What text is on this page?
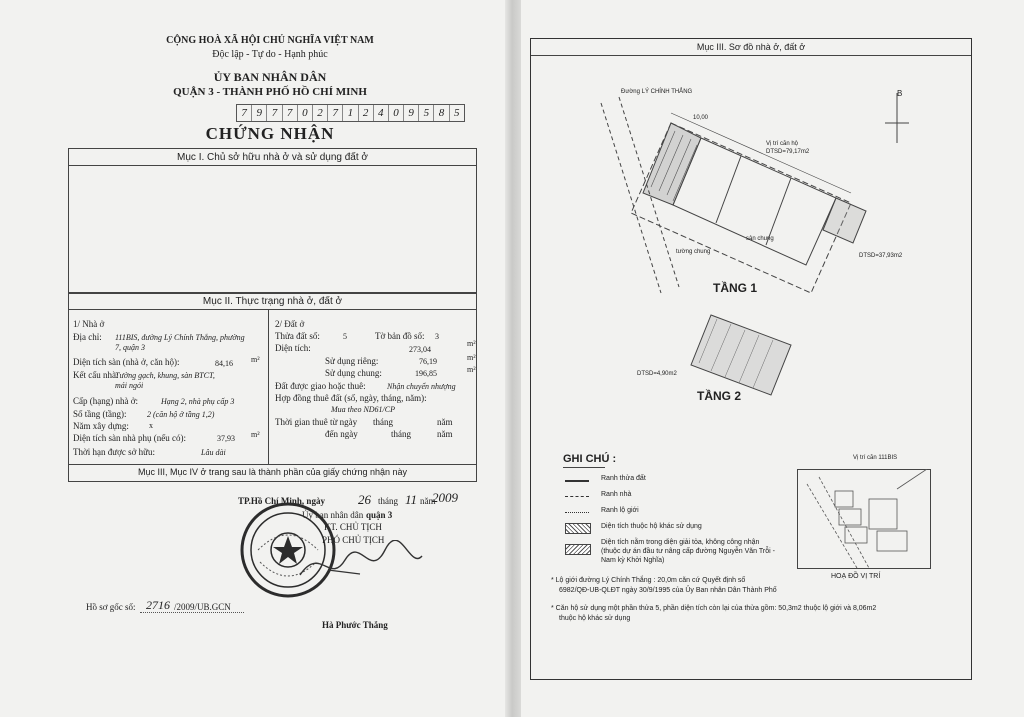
CỘNG HOÀ XÃ HỘI CHỦ NGHĨA VIỆT NAM
Độc lập - Tự do - Hạnh phúc
ỦY BAN NHÂN DÂN
QUẬN 3 - THÀNH PHỐ HỒ CHÍ MINH
7 9 7 7 0 2 7 1 2 4 0 9 5 8 5
CHỨNG NHẬN
Mục I. Chủ sở hữu nhà ở và sử dụng đất ở
Mục II. Thực trạng nhà ở, đất ở
Mục III, Mục IV ở trang sau là thành phần của giấy chứng nhận này
1/ Nhà ở
Địa chỉ: 111BIS, đường Lý Chính Thắng, phường
7, quận 3
Diện tích sàn (nhà ở, căn hộ):	84,16 m²
Kết cấu nhà:
Tường gạch, khung, sàn BTCT,
mái ngói
Cấp (hạng) nhà ở:	Hạng 2, nhà phụ cấp 3
Số tầng (tầng):	2 (căn hộ ở tầng 1,2)
Năm xây dựng:	x
Diện tích sàn nhà phụ (nếu có):	37,93 m²
Thời hạn được sở hữu:	Lâu dài
2/ Đất ở
Thửa đất số:	5	Tờ bản đồ số: 3
Diện tích:	273,04
m²
Sử dụng riêng:	76,19	m²
Sử dụng chung:	196,85	m²
Đất được giao hoặc thuê:	Nhận chuyển nhượng
Hợp đồng thuê đất (số, ngày, tháng, năm):
Mua theo ND61/CP
Thời gian thuê từ ngày tháng	năm
đến ngày	tháng	năm
TP.Hồ Chí Minh, ngày	26 tháng 11 năm
2009
Ủy ban nhân dân quận 3
KT. CHỦ TỊCH
PHÓ CHỦ TỊCH
Hà Phước Thắng
Hồ sơ gốc số: 2716 /2009/UB.GCN
Mục III. Sơ đồ nhà ở, đất ở
Đường LÝ CHÍNH THẮNG
10,00
Vị trí căn hộ
DTSD=79,17m2
sân chung
tường chung
DTSD=37,93m2
DTSD=4,90m2
B
TẦNG 1
TẦNG 2
GHI CHÚ :
Ranh thửa đất
Ranh nhà
Ranh lộ giới
Diện tích thuộc hộ khác sử dụng
Diện tích nằm trong diện giải tỏa, không công nhận
(thuộc dự án đầu tư nâng cấp đường Nguyễn Văn Trỗi -
Nam kỳ Khởi Nghĩa)
* Lộ giới đường Lý Chính Thắng : 20,0m căn cứ Quyết định số
6982/QĐ-UB-QLĐT ngày 30/9/1995 của Ủy Ban nhân Dân Thành Phố
* Căn hộ sử dụng một phần thửa 5, phần diện tích còn lại của thửa gồm: 50,3m2 thuộc lộ giới và 8,06m2
thuộc hộ khác sử dụng
Vị trí căn 111BIS
HOẠ ĐỒ VỊ TRÍ
